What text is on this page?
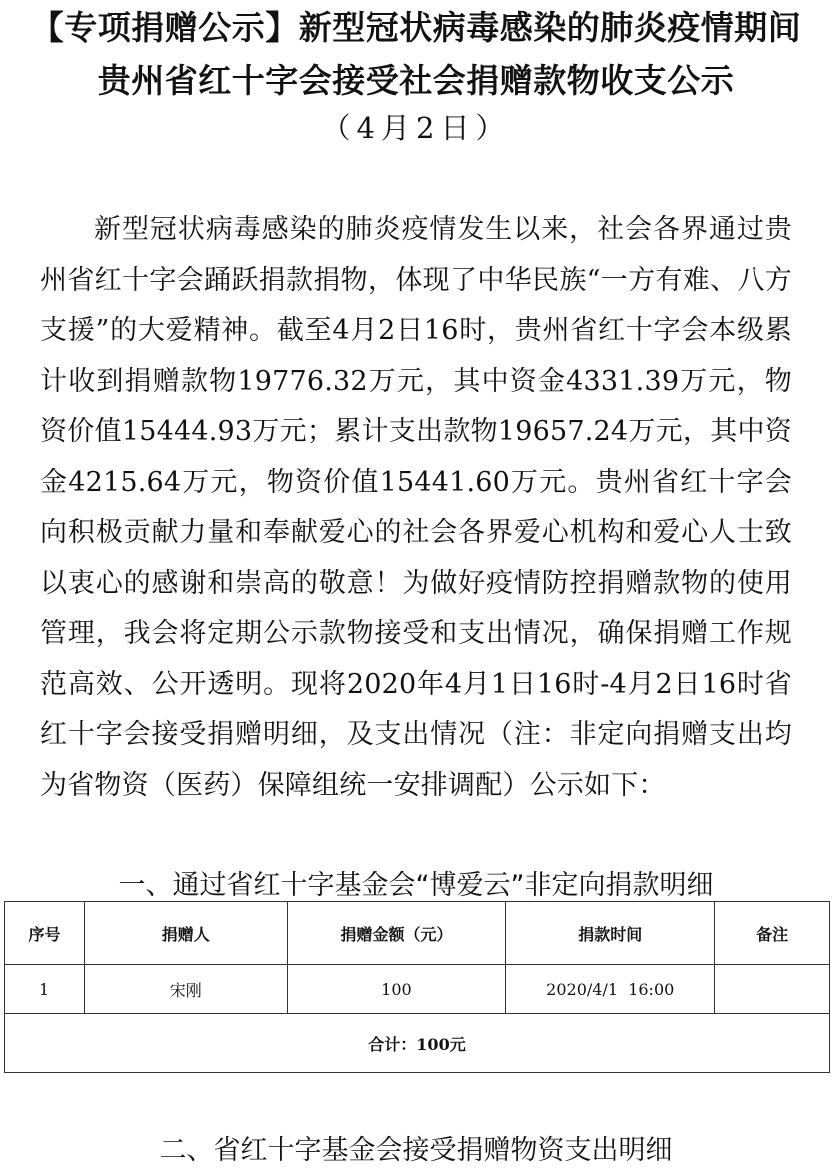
【专项捐赠公示】新型冠状病毒感染的肺炎疫情期间
贵州省红十字会接受社会捐赠款物收支公示
（4月2日）

新型冠状病毒感染的肺炎疫情发生以来，社会各界通过贵州省红十字会踊跃捐款捐物，体现了中华民族“一方有难、八方支援”的大爱精神。截至4月2日16时，贵州省红十字会本级累计收到捐赠款物19776.32万元，其中资金4331.39万元，物资价值15444.93万元；累计支出款物19657.24万元，其中资金4215.64万元，物资价值15441.60万元。贵州省红十字会向积极贡献力量和奉献爱心的社会各界爱心机构和爱心人士致以衷心的感谢和崇高的敬意！为做好疫情防控捐赠款物的使用管理，我会将定期公示款物接受和支出情况，确保捐赠工作规范高效、公开透明。现将2020年4月1日16时-4月2日16时省红十字会接受捐赠明细，及支出情况（注：非定向捐赠支出均为省物资（医药）保障组统一安排调配）公示如下：

一、通过省红十字基金会“博爱云”非定向捐款明细
序号	捐赠人	捐赠金额（元）	捐款时间	备注
1	宋刚	100	2020/4/1  16:00	
合计：100元				
二、省红十字基金会接受捐赠物资支出明细
